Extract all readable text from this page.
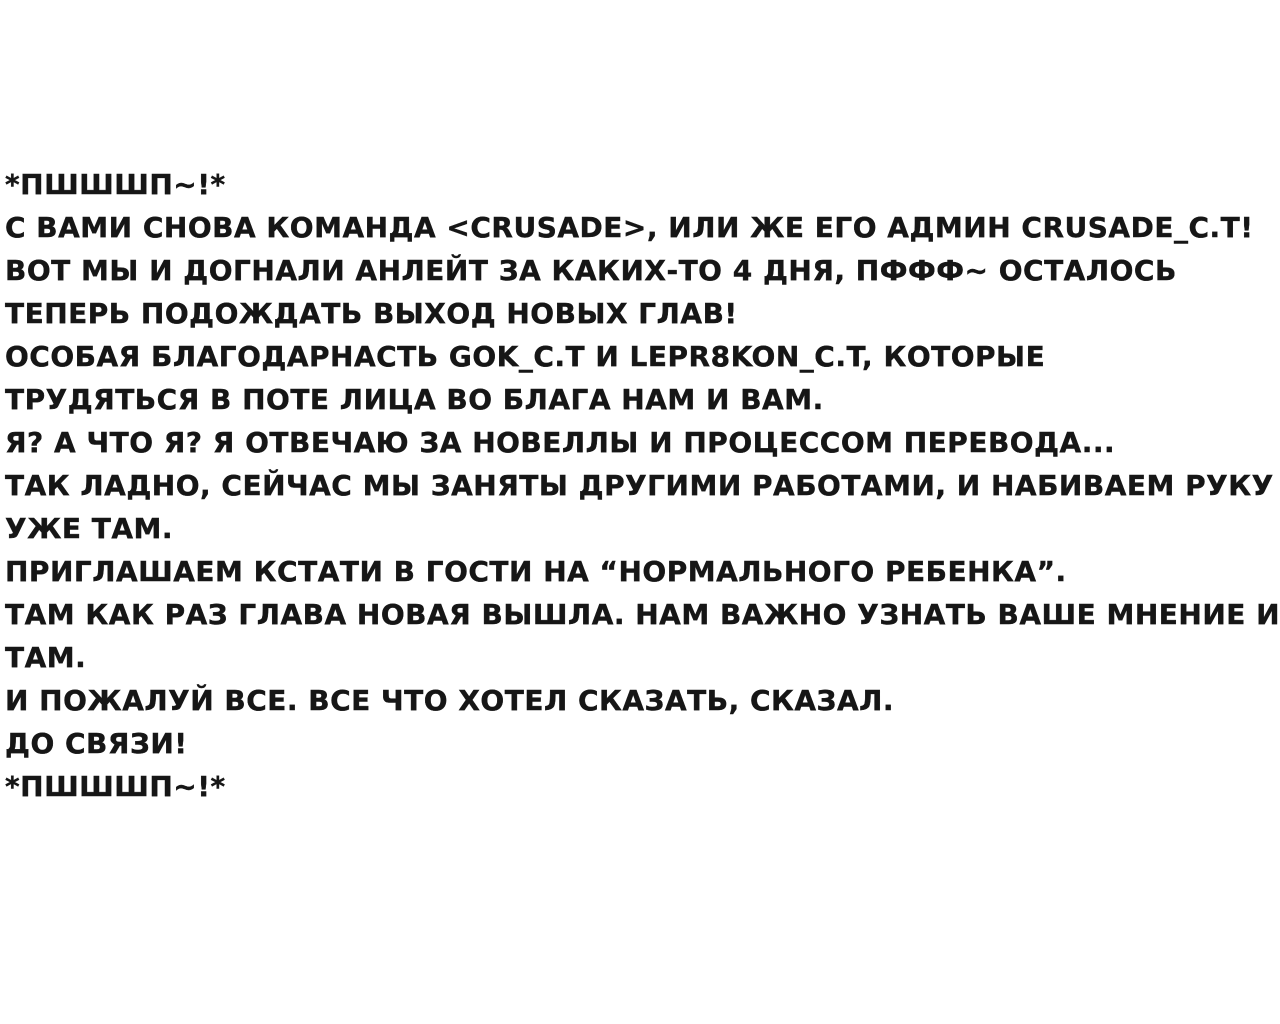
*ПШШШП~!*
С ВАМИ СНОВА КОМАНДА <CRUSADE>, ИЛИ ЖЕ ЕГО АДМИН CRUSADE_C.T!
ВОТ МЫ И ДОГНАЛИ АНЛЕЙТ ЗА КАКИХ-ТО 4 ДНЯ, ПФФФ~ ОСТАЛОСЬ
ТЕПЕРЬ ПОДОЖДАТЬ ВЫХОД НОВЫХ ГЛАВ!
ОСОБАЯ БЛАГОДАРНАСТЬ GOK_C.T И LEPR8KON_C.T, КОТОРЫЕ
ТРУДЯТЬСЯ В ПОТЕ ЛИЦА ВО БЛАГА НАМ И ВАМ.
Я? А ЧТО Я? Я ОТВЕЧАЮ ЗА НОВЕЛЛЫ И ПРОЦЕССОМ ПЕРЕВОДА...
ТАК ЛАДНО, СЕЙЧАС МЫ ЗАНЯТЫ ДРУГИМИ РАБОТАМИ, И НАБИВАЕМ РУКУ
УЖЕ ТАМ.
ПРИГЛАШАЕМ КСТАТИ В ГОСТИ НА “НОРМАЛЬНОГО РЕБЕНКА”.
ТАМ КАК РАЗ ГЛАВА НОВАЯ ВЫШЛА. НАМ ВАЖНО УЗНАТЬ ВАШЕ МНЕНИЕ И
ТАМ.
И ПОЖАЛУЙ ВСЕ. ВСЕ ЧТО ХОТЕЛ СКАЗАТЬ, СКАЗАЛ.
ДО СВЯЗИ!
*ПШШШП~!*
